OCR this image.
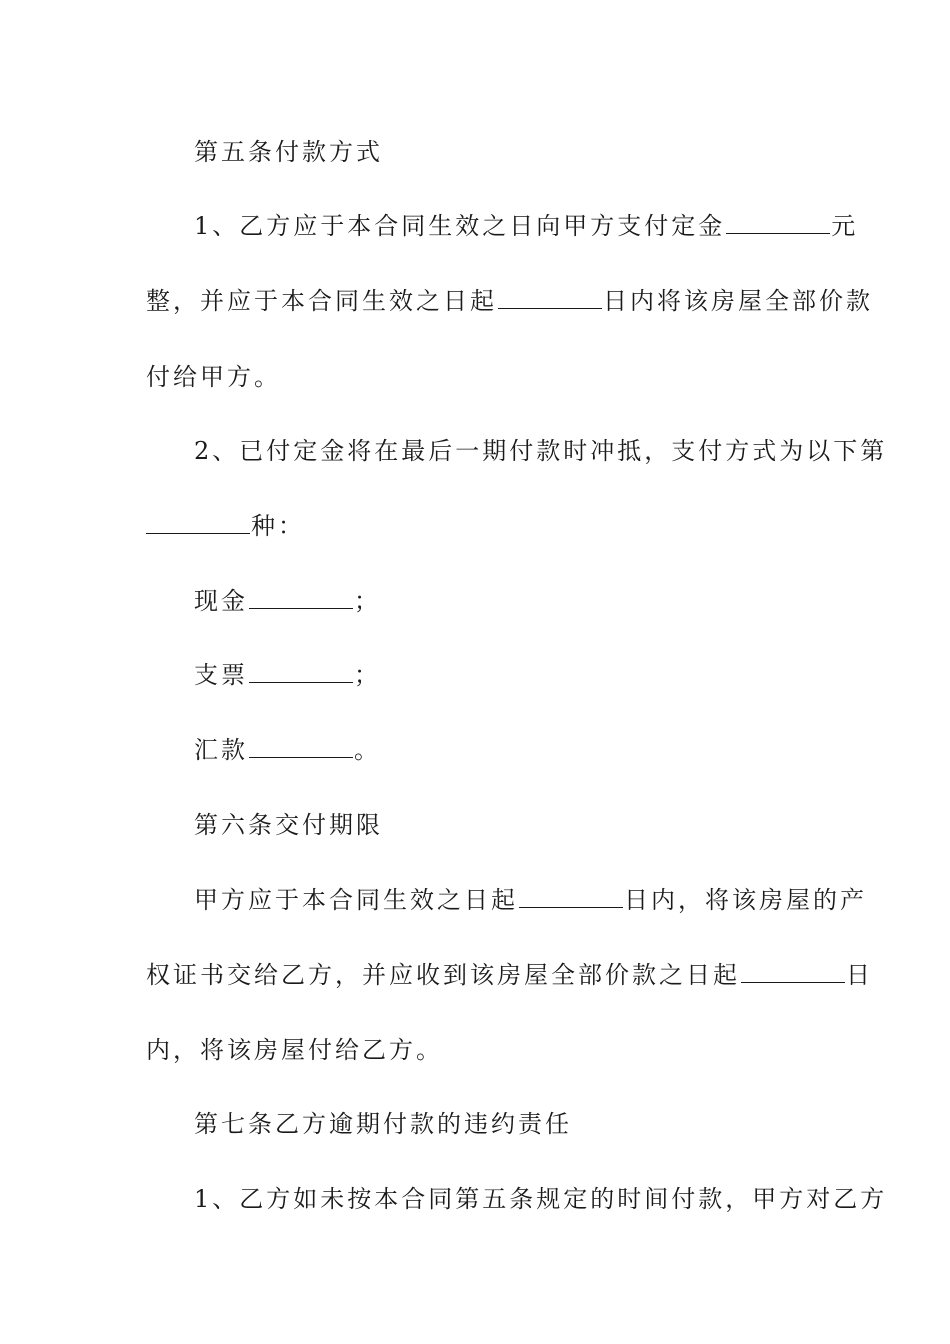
第五条付款方式
1、乙方应于本合同生效之日向甲方支付定金	元
整，并应于本合同生效之日起	日内将该房屋全部价款
付给甲方。
2、已付定金将在最后一期付款时冲抵，支付方式为以下第
种：
现金	；
支票	；
汇款	。
第六条交付期限
甲方应于本合同生效之日起	日内，将该房屋的产
权证书交给乙方，并应收到该房屋全部价款之日起	日
内，将该房屋付给乙方。
第七条乙方逾期付款的违约责任
1、乙方如未按本合同第五条规定的时间付款，甲方对乙方
